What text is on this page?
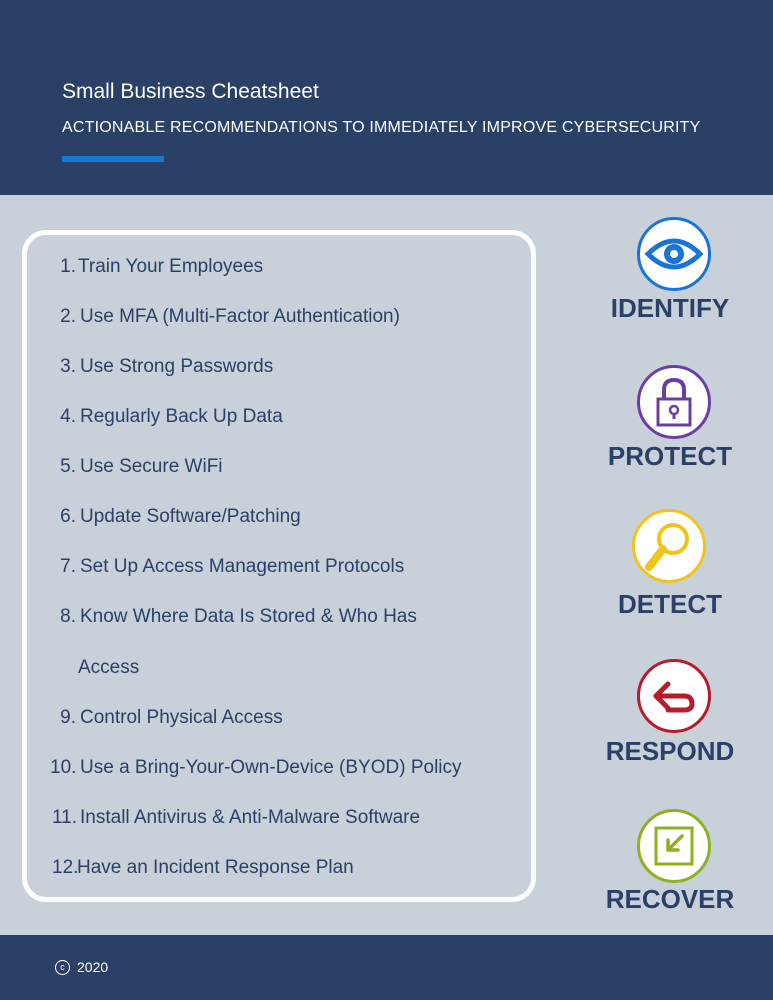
Small Business Cheatsheet
ACTIONABLE RECOMMENDATIONS TO IMMEDIATELY IMPROVE CYBERSECURITY
1. Train Your Employees
2. Use MFA (Multi-Factor Authentication)
3. Use Strong Passwords
4. Regularly Back Up Data
5. Use Secure WiFi
6. Update Software/Patching
7. Set Up Access Management Protocols
8. Know Where Data Is Stored & Who Has
Access
9. Control Physical Access
10. Use a Bring-Your-Own-Device (BYOD) Policy
11. Install Antivirus & Anti-Malware Software
12.Have an Incident Response Plan
IDENTIFY
PROTECT
DETECT
RESPOND
RECOVER
c 2020
